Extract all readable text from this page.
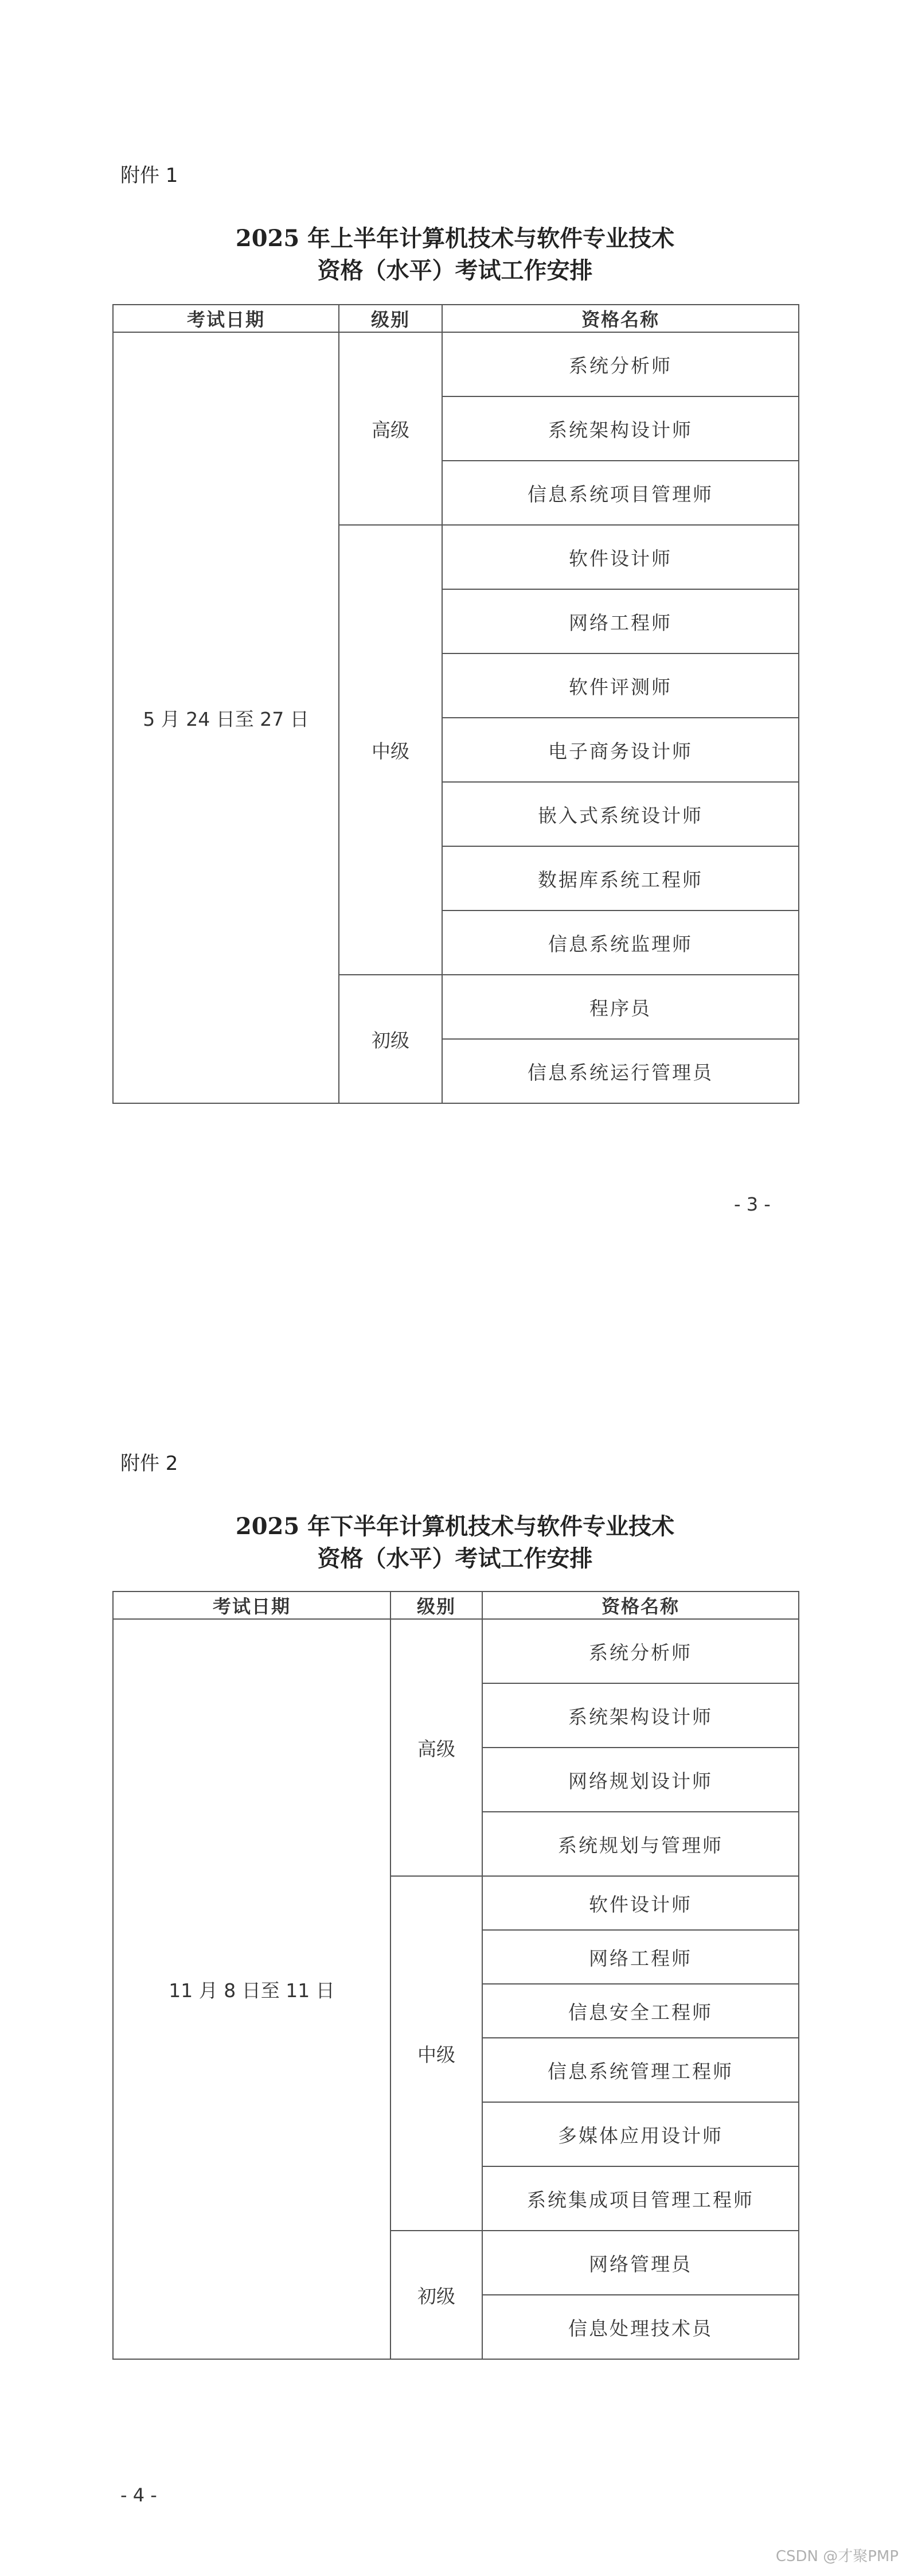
附件 1
2025 年上半年计算机技术与软件专业技术
资格（水平）考试工作安排
考试日期	级别	资格名称
5 月 24 日至 27 日	高级	系统分析师
		系统架构设计师
		信息系统项目管理师
	中级	软件设计师
		网络工程师
		软件评测师
		电子商务设计师
		嵌入式系统设计师
		数据库系统工程师
		信息系统监理师
	初级	程序员
		信息系统运行管理员
- 3 -
附件 2
2025 年下半年计算机技术与软件专业技术
资格（水平）考试工作安排
考试日期	级别	资格名称
11 月 8 日至 11 日	高级	系统分析师
		系统架构设计师
		网络规划设计师
		系统规划与管理师
	中级	软件设计师
		网络工程师
		信息安全工程师
		信息系统管理工程师
		多媒体应用设计师
		系统集成项目管理工程师
	初级	网络管理员
		信息处理技术员
- 4 -
CSDN @才聚PMP
